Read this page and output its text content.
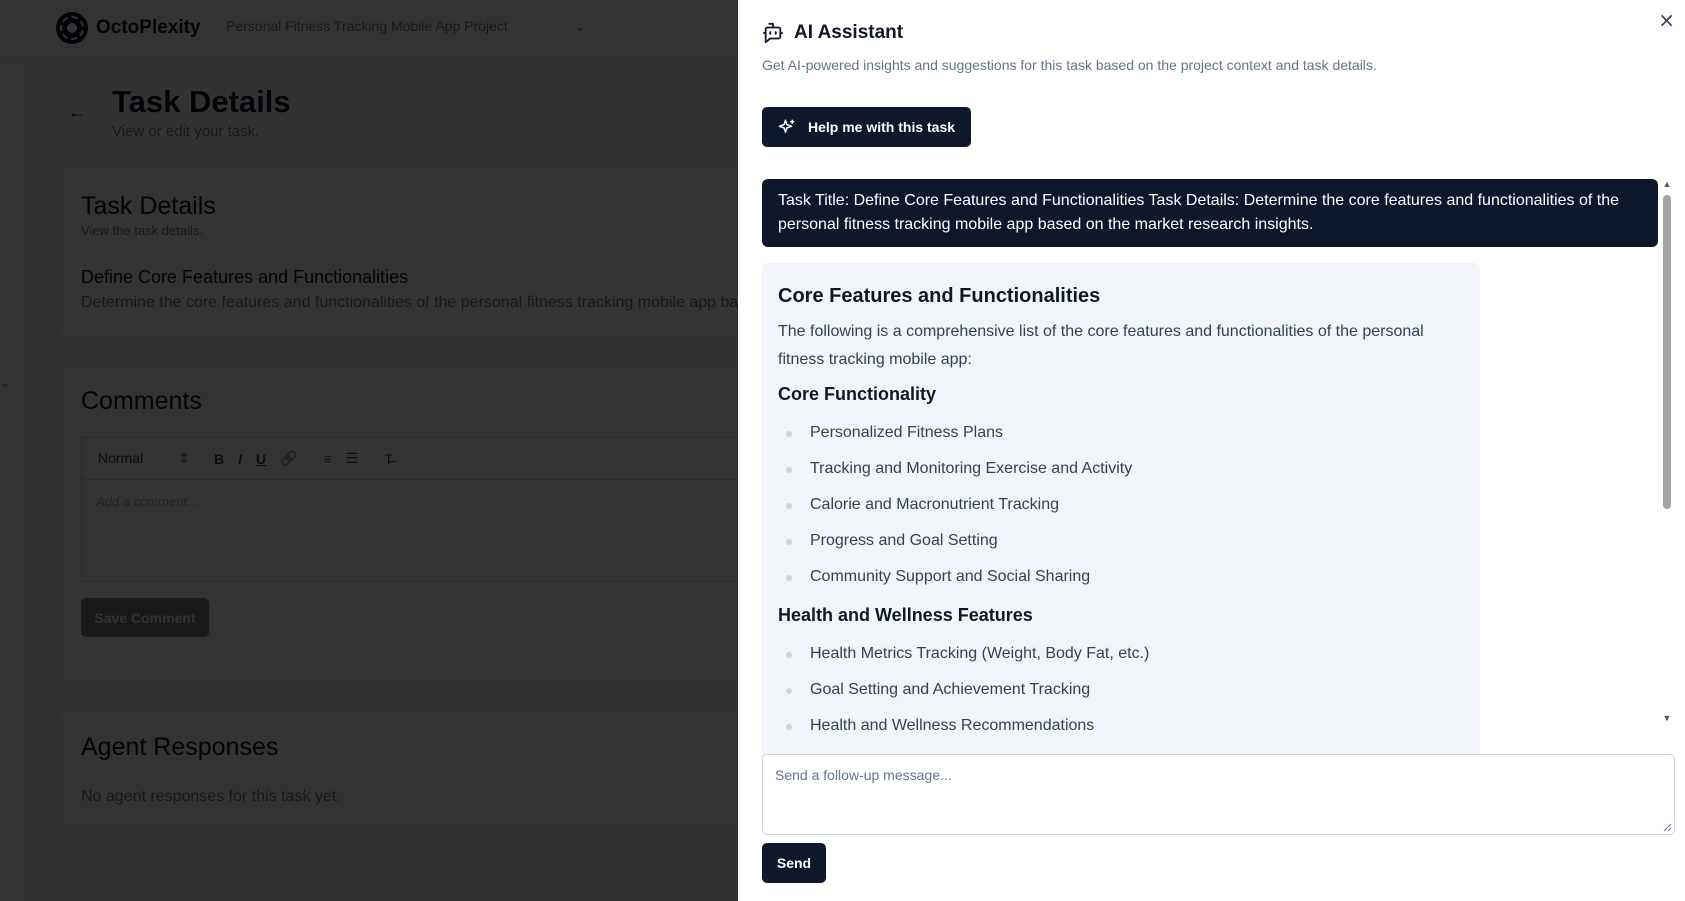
×
AI Assistant
Get AI-powered insights and suggestions for this task based on the project context and task details.
Help me with this task
Task Title: Define Core Features and Functionalities Task Details: Determine the core features and functionalities of the personal fitness tracking mobile app based on the market research insights.
Core Features and Functionalities
The following is a comprehensive list of the core features and functionalities of the personal fitness tracking mobile app:
Core Functionality
Personalized Fitness Plans
Tracking and Monitoring Exercise and Activity
Calorie and Macronutrient Tracking
Progress and Goal Setting
Community Support and Social Sharing
Health and Wellness Features
Health Metrics Tracking (Weight, Body Fat, etc.)
Goal Setting and Achievement Tracking
Health and Wellness Recommendations
▲
▼
Send a follow-up message...
Send
